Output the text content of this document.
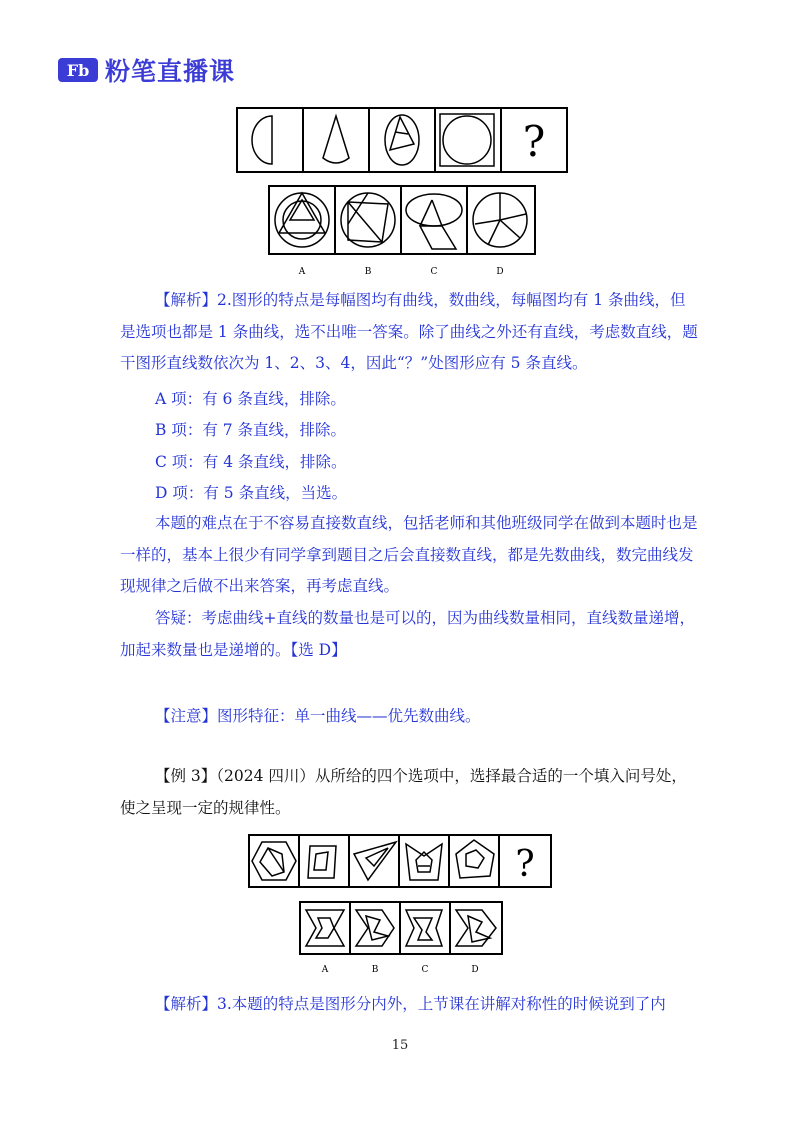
Fb 粉笔直播课
?
A	B	C	D

【解析】2.图形的特点是每幅图均有曲线，数曲线，每幅图均有 1 条曲线，但是选项也都是 1 条曲线，选不出唯一答案。除了曲线之外还有直线，考虑数直线，题干图形直线数依次为 1、2、3、4，因此“？”处图形应有 5 条直线。

A 项：有 6 条直线，排除。
B 项：有 7 条直线，排除。
C 项：有 4 条直线，排除。
D 项：有 5 条直线，当选。

本题的难点在于不容易直接数直线，包括老师和其他班级同学在做到本题时也是一样的，基本上很少有同学拿到题目之后会直接数直线，都是先数曲线，数完曲线发现规律之后做不出来答案，再考虑直线。

答疑：考虑曲线+直线的数量也是可以的，因为曲线数量相同，直线数量递增，加起来数量也是递增的。【选 D】

【注意】图形特征：单一曲线——优先数曲线。

【例 3】（2024 四川）从所给的四个选项中，选择最合适的一个填入问号处，使之呈现一定的规律性。

?
A	B	C	D
【解析】3.本题的特点是图形分内外，上节课在讲解对称性的时候说到了内
15
